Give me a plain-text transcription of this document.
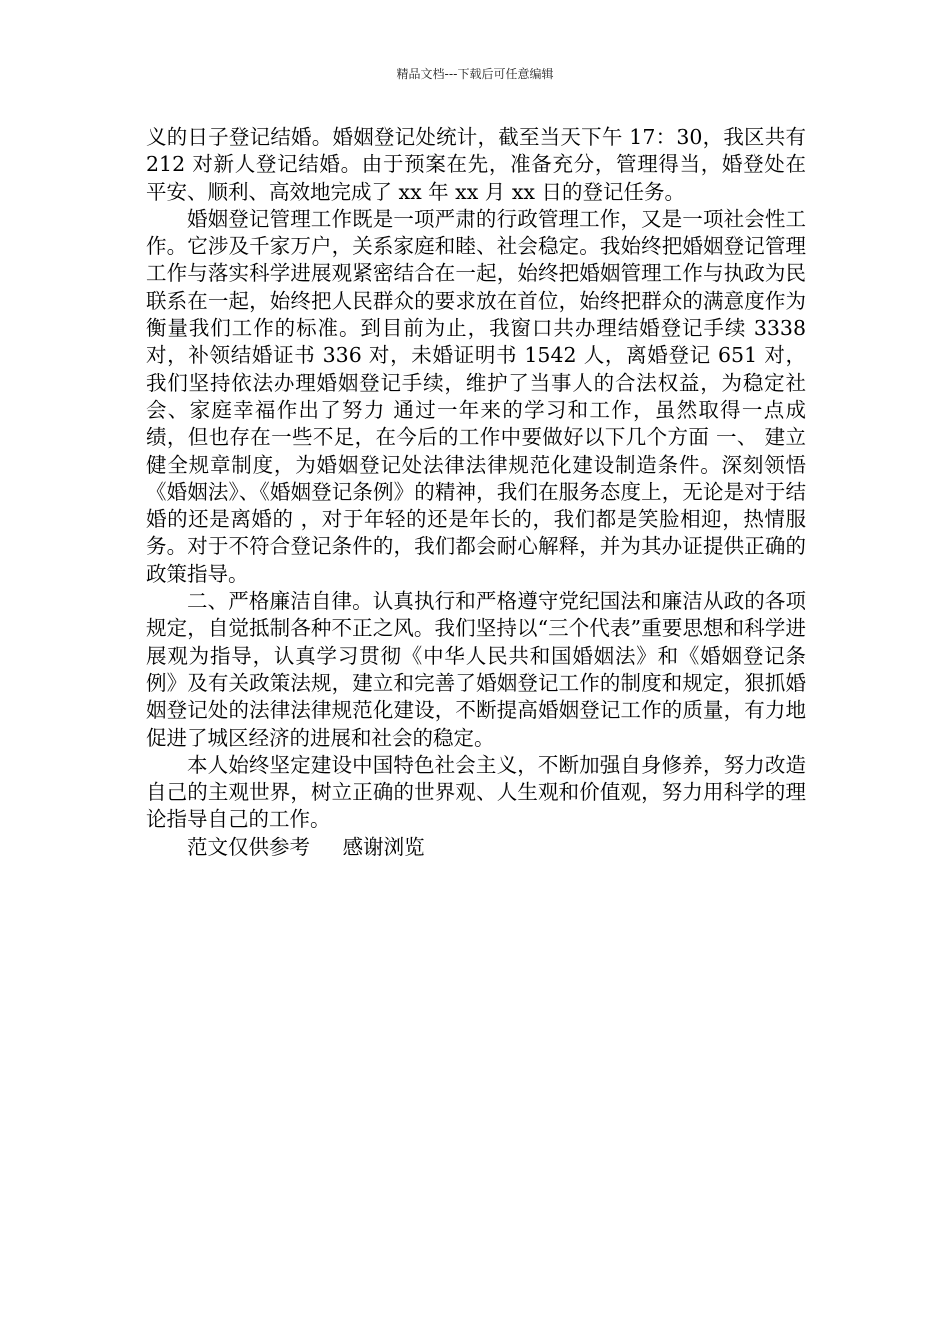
精品文档---下载后可任意编辑

义的日子登记结婚。婚姻登记处统计，截至当天下午 17：30，我区共有 212 对新人登记结婚。由于预案在先，准备充分，管理得当，婚登处在平安、顺利、高效地完成了 xx 年 xx 月 xx 日的登记任务。

婚姻登记管理工作既是一项严肃的行政管理工作，又是一项社会性工作。它涉及千家万户，关系家庭和睦、社会稳定。我始终把婚姻登记管理工作与落实科学进展观紧密结合在一起，始终把婚姻管理工作与执政为民联系在一起，始终把人民群众的要求放在首位，始终把群众的满意度作为衡量我们工作的标准。到目前为止，我窗口共办理结婚登记手续 3338 对，补领结婚证书 336 对，未婚证明书 1542 人，离婚登记 651 对， 我们坚持依法办理婚姻登记手续，维护了当事人的合法权益，为稳定社会、家庭幸福作出了努力 通过一年来的学习和工作，虽然取得一点成绩，但也存在一些不足，在今后的工作中要做好以下几个方面 一、 建立健全规章制度，为婚姻登记处法律法律规范化建设制造条件。深刻领悟《婚姻法》、《婚姻登记条例》的精神，我们在服务态度上，无论是对于结婚的还是离婚的 ，对于年轻的还是年长的，我们都是笑脸相迎，热情服务。对于不符合登记条件的，我们都会耐心解释，并为其办证提供正确的政策指导。

二、严格廉洁自律。认真执行和严格遵守党纪国法和廉洁从政的各项规定，自觉抵制各种不正之风。我们坚持以“三个代表”重要思想和科学进展观为指导，认真学习贯彻《中华人民共和国婚姻法》和《婚姻登记条例》及有关政策法规，建立和完善了婚姻登记工作的制度和规定，狠抓婚姻登记处的法律法律规范化建设，不断提高婚姻登记工作的质量，有力地促进了城区经济的进展和社会的稳定。

本人始终坚定建设中国特色社会主义，不断加强自身修养，努力改造自己的主观世界，树立正确的世界观、人生观和价值观，努力用科学的理论指导自己的工作。

范文仅供参考     感谢浏览
